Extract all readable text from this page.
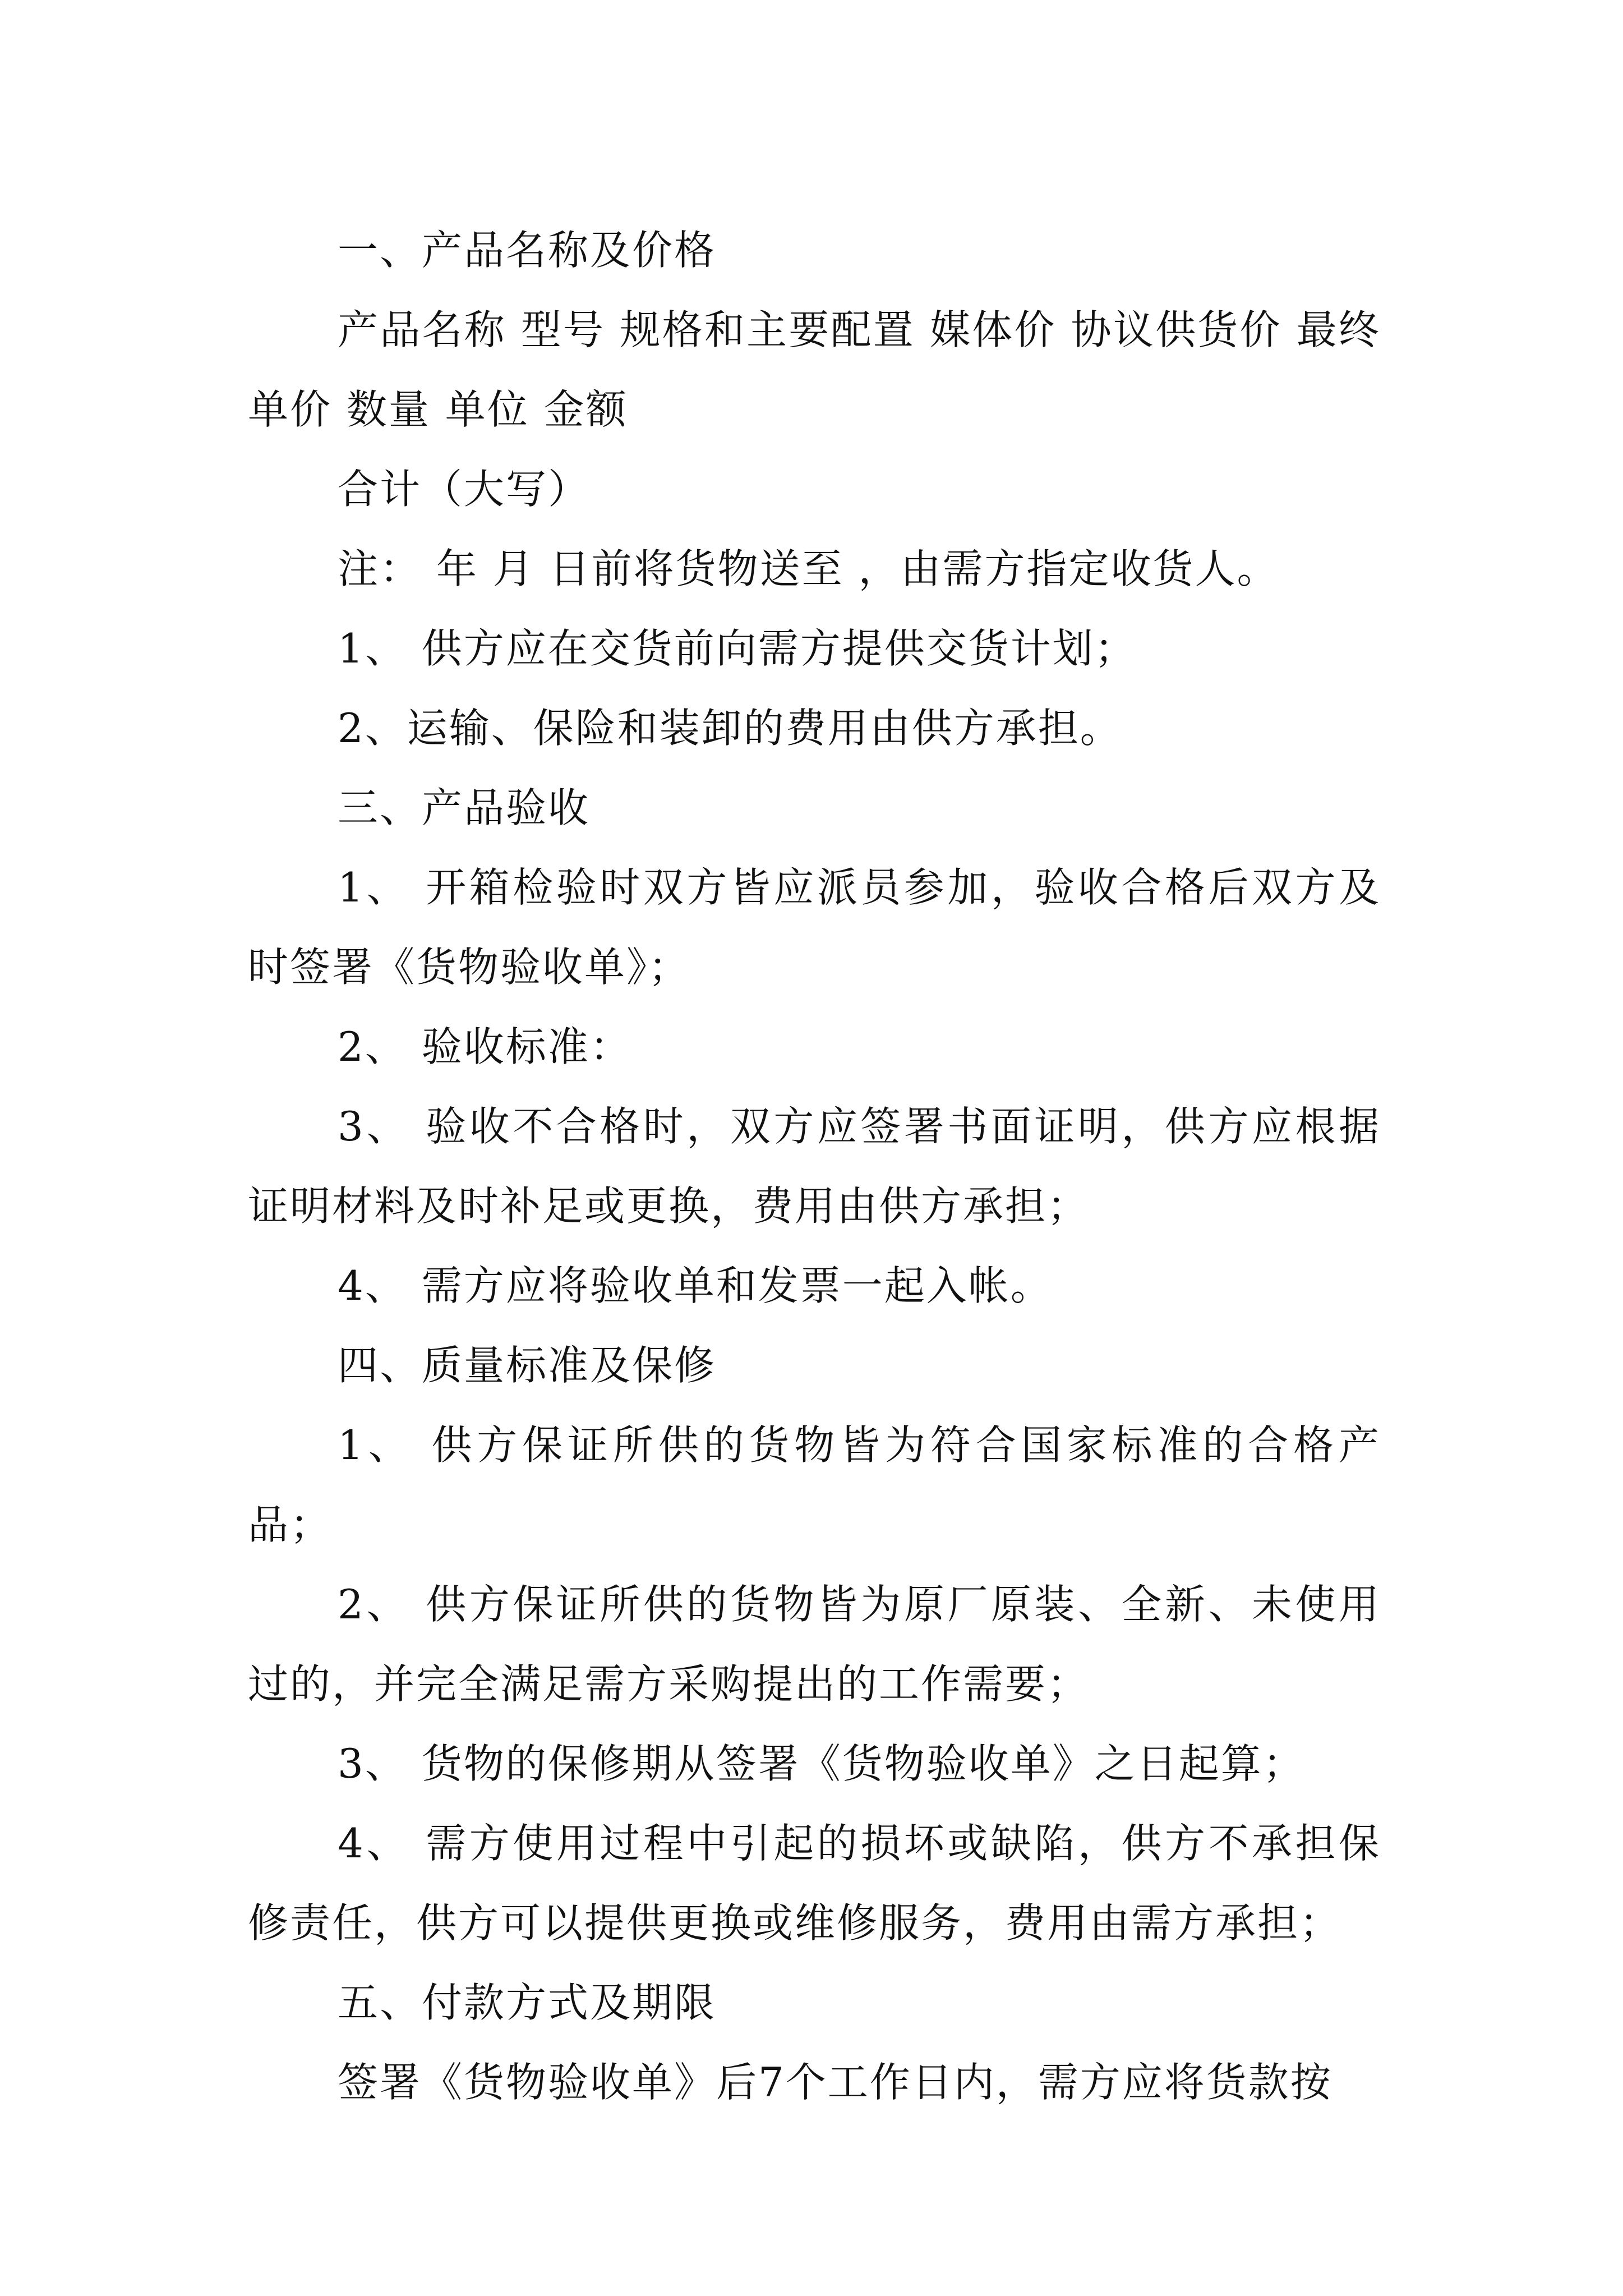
一、产品名称及价格

产品名称 型号 规格和主要配置 媒体价 协议供货价 最终单价 数量 单位 金额

合计（大写）

注： 年 月 日前将货物送至 ，由需方指定收货人。

1、 供方应在交货前向需方提供交货计划；

2、运输、保险和装卸的费用由供方承担。

三、产品验收

1、 开箱检验时双方皆应派员参加，验收合格后双方及时签署《货物验收单》；

2、 验收标准：

3、 验收不合格时，双方应签署书面证明，供方应根据证明材料及时补足或更换，费用由供方承担；

4、 需方应将验收单和发票一起入帐。

四、质量标准及保修

1、 供方保证所供的货物皆为符合国家标准的合格产品；

2、 供方保证所供的货物皆为原厂原装、全新、未使用过的，并完全满足需方采购提出的工作需要；

3、 货物的保修期从签署《货物验收单》之日起算；

4、 需方使用过程中引起的损坏或缺陷，供方不承担保修责任，供方可以提供更换或维修服务，费用由需方承担；

五、付款方式及期限

签署《货物验收单》后7个工作日内，需方应将货款按
